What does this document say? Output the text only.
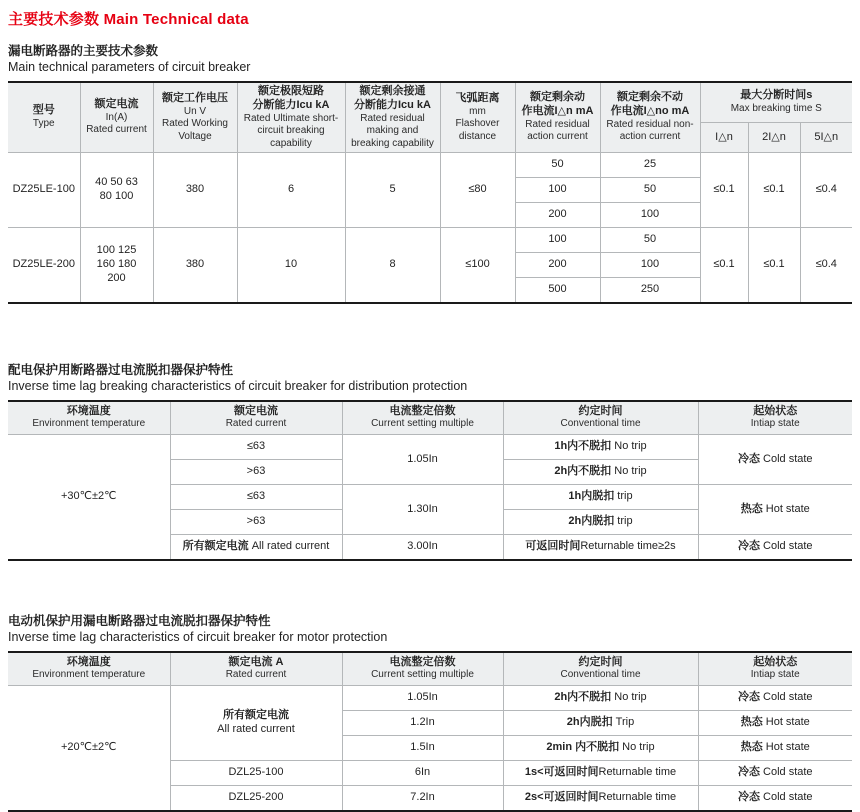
主要技术参数 Main Technical data

漏电断路器的主要技术参数

Main technical parameters of circuit breaker

型号
Type	额定电流
In(A)
Rated current	额定工作电压
Un V
Rated Working Voltage	额定极限短路
分断能力Icu kA
Rated Ultimate short-circuit breaking capability	额定剩余接通
分断能力Icu kA
Rated residual making and breaking capability	飞弧距离
mm
Flashover distance	额定剩余动
作电流I△n mA
Rated residual action current	额定剩余不动
作电流I△no mA
Rated residual non- action current	最大分断时间s
Max breaking time S		

								I△n	2I△n	5I△n
DZ25LE-100	40 50 63
80 100	380	6	5	≤80	50	25	≤0.1	≤0.1	≤0.4
						100	50			
						200	100			
DZ25LE-200	100 125
160 180
200	380	10	8	≤100	100	50	≤0.1	≤0.1	≤0.4
						200	100			
						500	250			

配电保护用断路器过电流脱扣器保护特性

Inverse time lag breaking characteristics of circuit breaker for distribution protection

环境温度
Environment temperature	额定电流
Rated current	电流整定倍数
Current setting multiple	约定时间
Conventional time	起始状态
Intiap state

+30℃±2℃	≤63	1.05In	1h内不脱扣 No trip	冷态 Cold state
	>63		2h内不脱扣 No trip	
	≤63	1.30In	1h内脱扣 trip	热态 Hot state
	>63		2h内脱扣 trip	
	所有额定电流 All rated current	3.00In	可返回时间Returnable time≥2s	冷态 Cold state

电动机保护用漏电断路器过电流脱扣器保护特性

Inverse time lag characteristics of circuit breaker for motor protection

环境温度
Environment temperature	额定电流 A
Rated current	电流整定倍数
Current setting multiple	约定时间
Conventional time	起始状态
Intiap state

+20℃±2℃	所有额定电流
All rated current	1.05In	2h内不脱扣 No trip	冷态 Cold state
		1.2In	2h内脱扣 Trip	热态 Hot state
		1.5In	2min 内不脱扣 No trip	热态 Hot state
	DZL25-100	6In	1s<可返回时间Returnable time	冷态 Cold state
	DZL25-200	7.2In	2s<可返回时间Returnable time	冷态 Cold state
